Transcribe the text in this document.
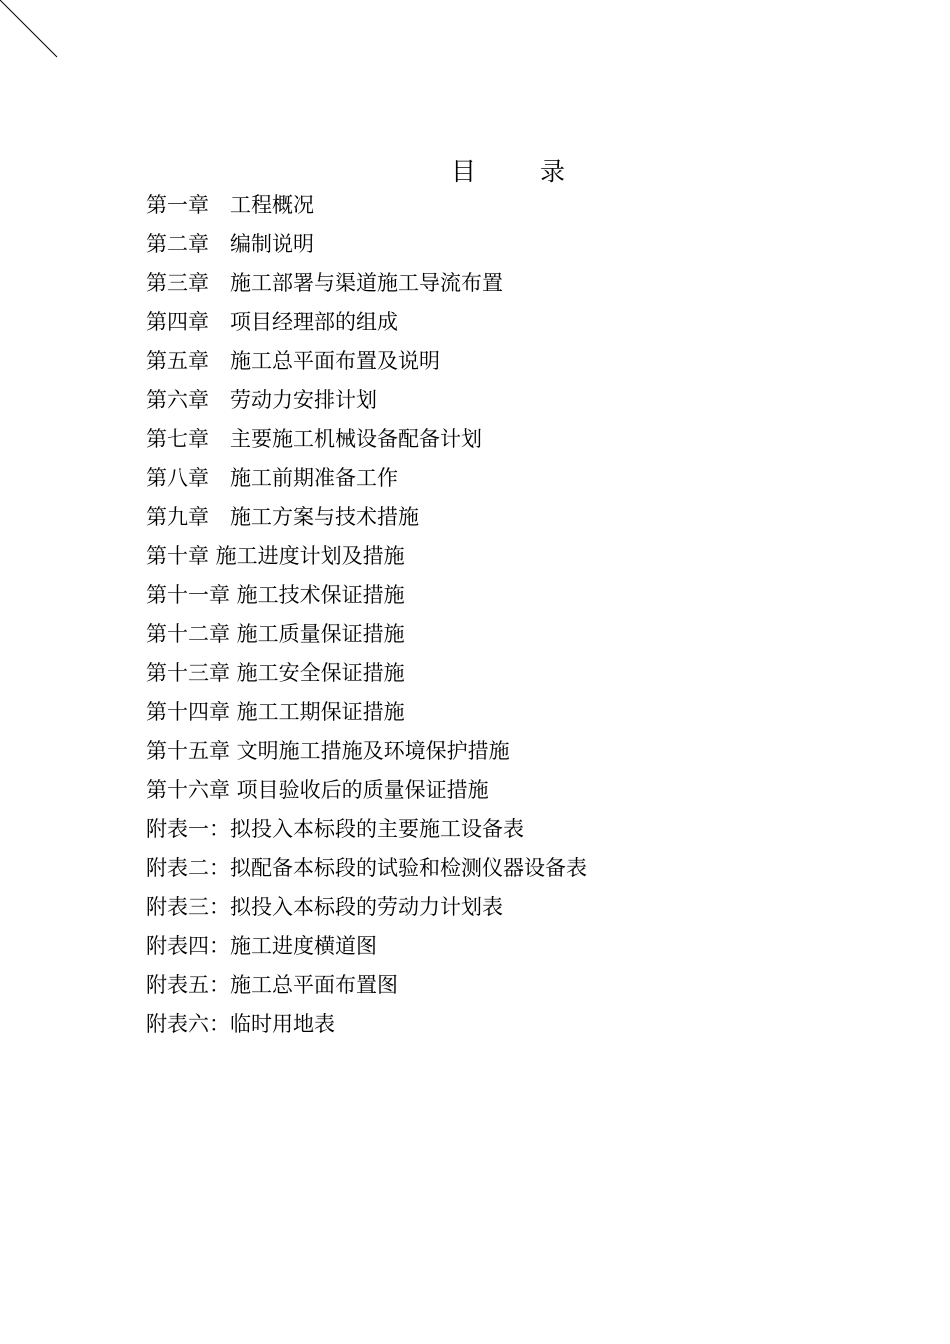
目	录
第一章　工程概况
第二章　编制说明
第三章　施工部署与渠道施工导流布置
第四章　项目经理部的组成
第五章　施工总平面布置及说明
第六章　劳动力安排计划
第七章　主要施工机械设备配备计划
第八章　施工前期准备工作
第九章　施工方案与技术措施
第十章 施工进度计划及措施
第十一章 施工技术保证措施
第十二章 施工质量保证措施
第十三章 施工安全保证措施
第十四章 施工工期保证措施
第十五章 文明施工措施及环境保护措施
第十六章 项目验收后的质量保证措施
附表一：拟投入本标段的主要施工设备表
附表二：拟配备本标段的试验和检测仪器设备表
附表三：拟投入本标段的劳动力计划表
附表四：施工进度横道图
附表五：施工总平面布置图
附表六：临时用地表
